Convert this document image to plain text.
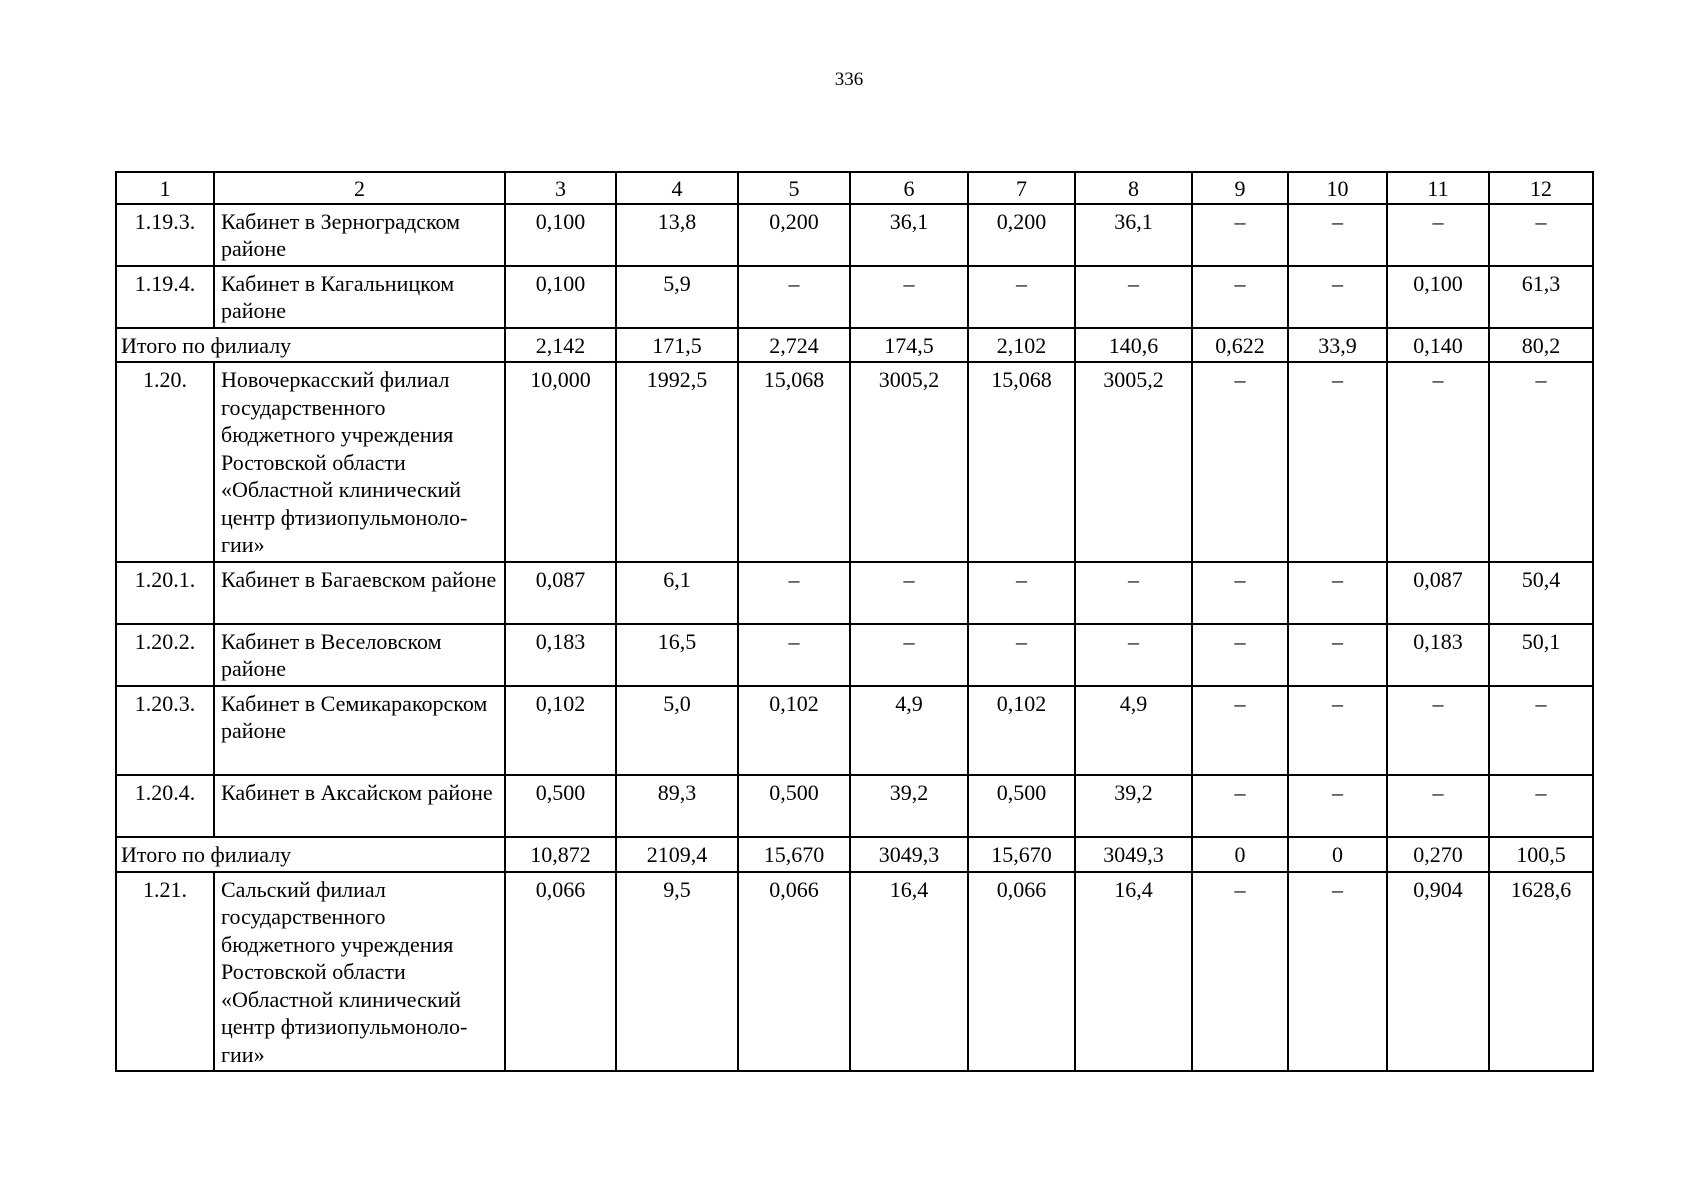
336
1	2	3	4	5	6	7	8	9	10	11	12
1.19.3.	Кабинет в Зерноградском районе	0,100	13,8	0,200	36,1	0,200	36,1	–	–	–	–
1.19.4.	Кабинет в Кагальницком районе	0,100	5,9	–	–	–	–	–	–	0,100	61,3
Итого по филиалу		2,142	171,5	2,724	174,5	2,102	140,6	0,622	33,9	0,140	80,2
1.20.	Новочеркасский филиал государственного бюджетного учреждения Ростовской области «Областной клинический центр фтизиопульмоноло-гии»	10,000	1992,5	15,068	3005,2	15,068	3005,2	–	–	–	–
1.20.1.	Кабинет в Багаевском районе	0,087	6,1	–	–	–	–	–	–	0,087	50,4
1.20.2.	Кабинет в Веселовском районе	0,183	16,5	–	–	–	–	–	–	0,183	50,1
1.20.3.	Кабинет в Семикаракорском районе	0,102	5,0	0,102	4,9	0,102	4,9	–	–	–	–
1.20.4.	Кабинет в Аксайском районе	0,500	89,3	0,500	39,2	0,500	39,2	–	–	–	–
Итого по филиалу		10,872	2109,4	15,670	3049,3	15,670	3049,3	0	0	0,270	100,5
1.21.	Сальский филиал государственного бюджетного учреждения Ростовской области «Областной клинический центр фтизиопульмоноло-гии»	0,066	9,5	0,066	16,4	0,066	16,4	–	–	0,904	1628,6
